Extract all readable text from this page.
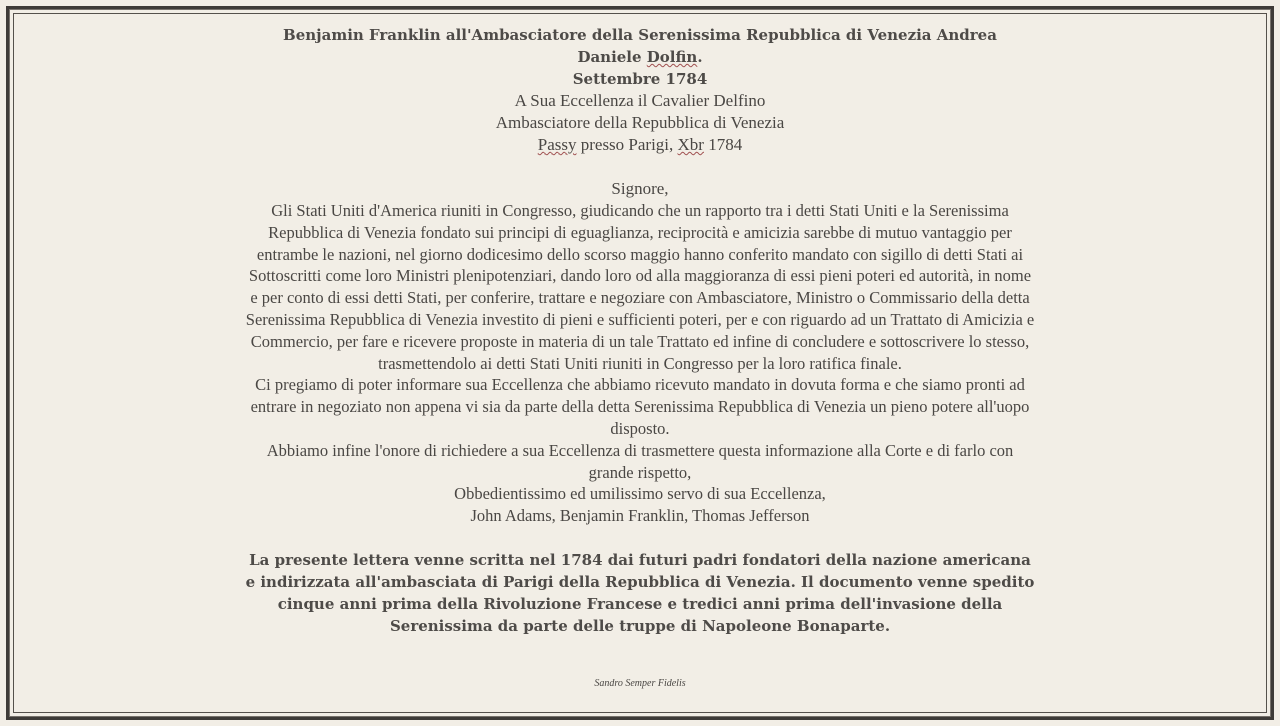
Benjamin Franklin all'Ambasciatore della Serenissima Repubblica di Venezia Andrea
Daniele Dolfin.
Settembre 1784
A Sua Eccellenza il Cavalier Delfino
Ambasciatore della Repubblica di Venezia
Passy presso Parigi, Xbr 1784
Signore,
Gli Stati Uniti d'America riuniti in Congresso, giudicando che un rapporto tra i detti Stati Uniti e la Serenissima Repubblica di Venezia fondato sui principi di eguaglianza, reciprocità e amicizia sarebbe di mutuo vantaggio per entrambe le nazioni, nel giorno dodicesimo dello scorso maggio hanno conferito mandato con sigillo di detti Stati ai Sottoscritti come loro Ministri plenipotenziari, dando loro od alla maggioranza di essi pieni poteri ed autorità, in nome e per conto di essi detti Stati, per conferire, trattare e negoziare con Ambasciatore, Ministro o Commissario della detta Serenissima Repubblica di Venezia investito di pieni e sufficienti poteri, per e con riguardo ad un Trattato di Amicizia e Commercio, per fare e ricevere proposte in materia di un tale Trattato ed infine di concludere e sottoscrivere lo stesso, trasmettendolo ai detti Stati Uniti riuniti in Congresso per la loro ratifica finale.
Ci pregiamo di poter informare sua Eccellenza che abbiamo ricevuto mandato in dovuta forma e che siamo pronti ad entrare in negoziato non appena vi sia da parte della detta Serenissima Repubblica di Venezia un pieno potere all'uopo disposto.
Abbiamo infine l'onore di richiedere a sua Eccellenza di trasmettere questa informazione alla Corte e di farlo con grande rispetto,
Obbedientissimo ed umilissimo servo di sua Eccellenza,
John Adams, Benjamin Franklin, Thomas Jefferson
La presente lettera venne scritta nel 1784 dai futuri padri fondatori della nazione americana e indirizzata all'ambasciata di Parigi della Repubblica di Venezia. Il documento venne spedito cinque anni prima della Rivoluzione Francese e tredici anni prima dell'invasione della Serenissima da parte delle truppe di Napoleone Bonaparte.
Sandro Semper Fidelis
